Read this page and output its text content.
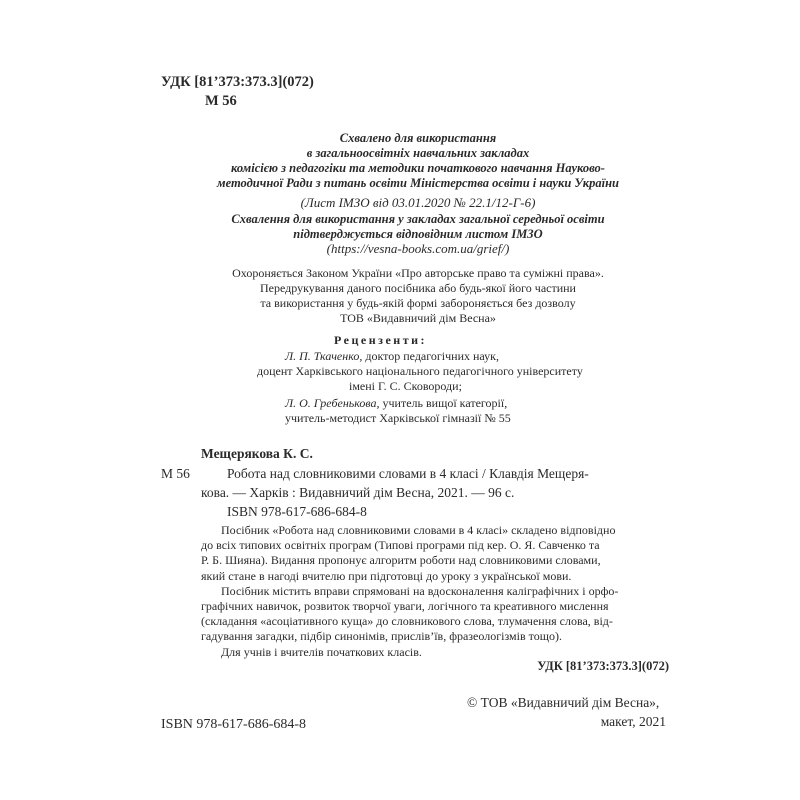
УДК [81’373:373.3](072)
М 56
Схвалено для використання
в загальноосвітніх навчальних закладах
комісією з педагогіки та методики початкового навчання Науково-
методичної Ради з питань освіти Міністерства освіти і науки України
(Лист ІМЗО від 03.01.2020 № 22.1/12-Г-6)
Схвалення для використання у закладах загальної середньої освіти
підтверджується відповідним листом ІМЗО
(https://vesna-books.com.ua/grief/)
Охороняється Законом України «Про авторське право та суміжні права».
Передрукування даного посібника або будь-якої його частини
та використання у будь-якій формі забороняється без дозволу
ТОВ «Видавничий дім Весна»
Рецензенти:
Л. П. Ткаченко, доктор педагогічних наук,
доцент Харківського національного педагогічного університету
імені Г. С. Сковороди;
Л. О. Гребенькова, учитель вищої категорії,
учитель-методист Харківської гімназії № 55
Мещерякова К. С.
М 56	Робота над словниковими словами в 4 класі / Клавдія Мещеря-
кова. — Харків : Видавничий дім Весна, 2021. — 96 с.
ISBN 978-617-686-684-8
Посібник «Робота над словниковими словами в 4 класі» складено відповідно
до всіх типових освітніх програм (Типові програми під кер. О. Я. Савченко та
Р. Б. Шияна). Видання пропонує алгоритм роботи над словниковими словами,
який стане в нагоді вчителю при підготовці до уроку з української мови.
Посібник містить вправи спрямовані на вдосконалення каліграфічних і орфо-
графічних навичок, розвиток творчої уваги, логічного та креативного мислення
(складання «асоціативного куща» до словникового слова, тлумачення слова, від-
гадування загадки, підбір синонімів, прислів’їв, фразеологізмів тощо).
Для учнів і вчителів початкових класів.
УДК [81’373:373.3](072)
ISBN 978-617-686-684-8
© ТОВ «Видавничий дім Весна»,
макет, 2021
